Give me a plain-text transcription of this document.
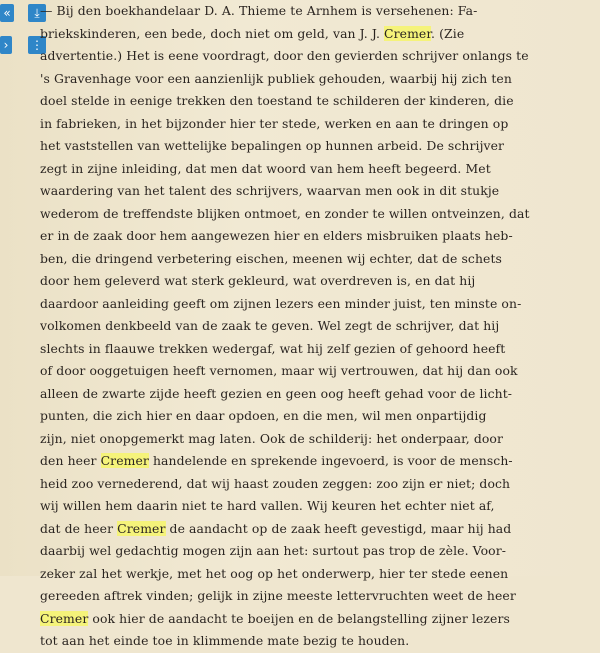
«	⤓
› ⋮
— Bij den boekhandelaar D. A. Thieme te Arnhem is versehenen: Fa-
briekskinderen, een bede, doch niet om geld, van J. J. Cremer. (Zie
advertentie.) Het is eene voordragt, door den gevierden schrijver onlangs te
's Gravenhage voor een aanzienlijk publiek gehouden, waarbij hij zich ten
doel stelde in eenige trekken den toestand te schilderen der kinderen, die
in fabrieken, in het bijzonder hier ter stede, werken en aan te dringen op
het vaststellen van wettelijke bepalingen op hunnen arbeid. De schrijver
zegt in zijne inleiding, dat men dat woord van hem heeft begeerd. Met
waardering van het talent des schrijvers, waarvan men ook in dit stukje
wederom de treffendste blijken ontmoet, en zonder te willen ontveinzen, dat
er in de zaak door hem aangewezen hier en elders misbruiken plaats heb-
ben, die dringend verbetering eischen, meenen wij echter, dat de schets
door hem geleverd wat sterk gekleurd, wat overdreven is, en dat hij
daardoor aanleiding geeft om zijnen lezers een minder juist, ten minste on-
volkomen denkbeeld van de zaak te geven. Wel zegt de schrijver, dat hij
slechts in flaauwe trekken wedergaf, wat hij zelf gezien of gehoord heeft
of door ooggetuigen heeft vernomen, maar wij vertrouwen, dat hij dan ook
alleen de zwarte zijde heeft gezien en geen oog heeft gehad voor de licht-
punten, die zich hier en daar opdoen, en die men, wil men onpartijdig
zijn, niet onopgemerkt mag laten. Ook de schilderij: het onderpaar, door
den heer Cremer handelende en sprekende ingevoerd, is voor de mensch-
heid zoo vernederend, dat wij haast zouden zeggen: zoo zijn er niet; doch
wij willen hem daarin niet te hard vallen. Wij keuren het echter niet af,
dat de heer Cremer de aandacht op de zaak heeft gevestigd, maar hij had
daarbij wel gedachtig mogen zijn aan het: surtout pas trop de zèle. Voor-
zeker zal het werkje, met het oog op het onderwerp, hier ter stede eenen
gereeden aftrek vinden; gelijk in zijne meeste lettervruchten weet de heer
Cremer ook hier de aandacht te boeijen en de belangstelling zijner lezers
tot aan het einde toe in klimmende mate bezig te houden.
